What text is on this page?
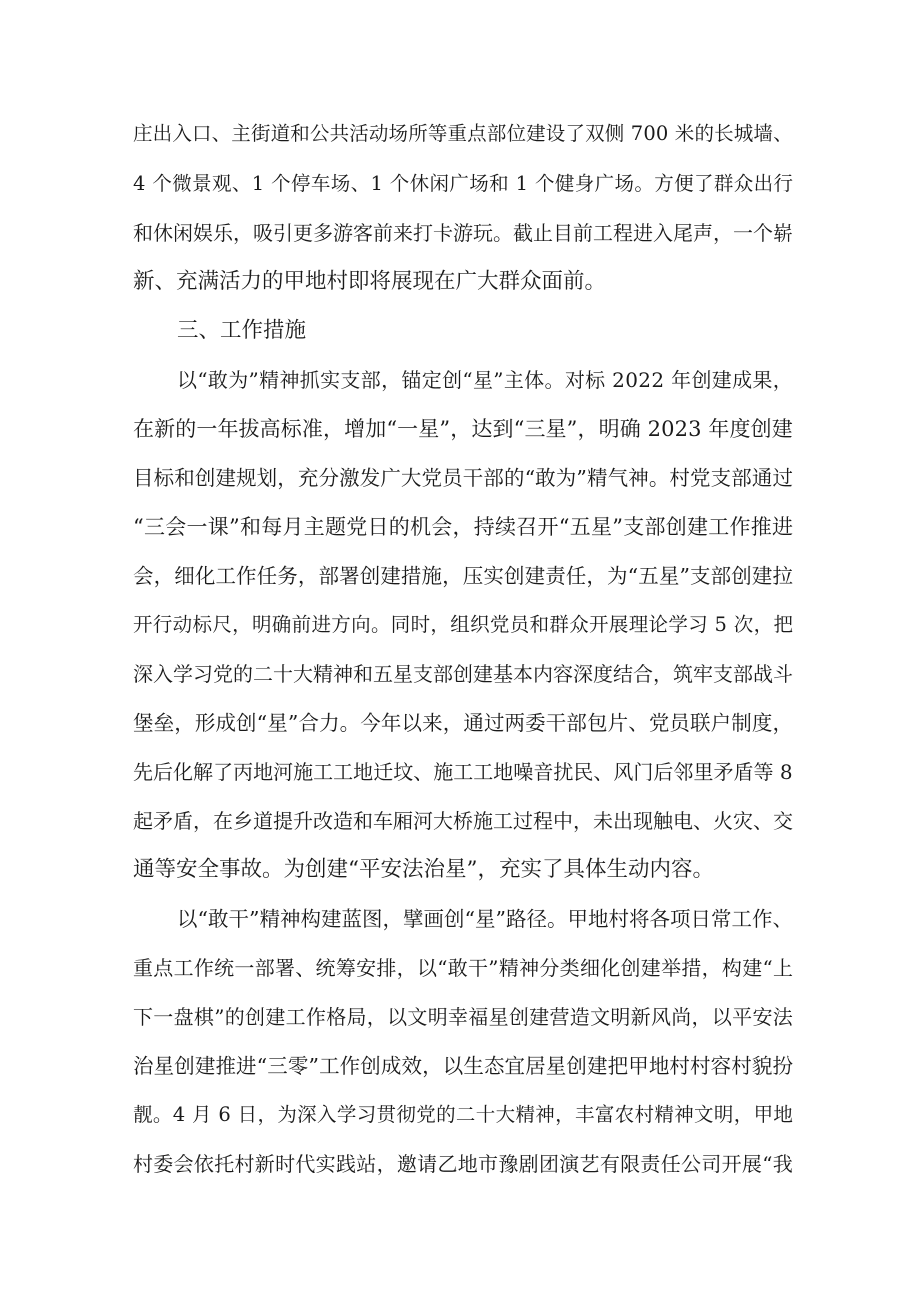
庄 出 入 口 、 主 街 道 和 公 共 活 动 场 所 等 重 点 部 位 建 设 了 双 侧
7 0 0
米 的 长 城 墙 、
4
个 微 景 观 、 1
个 停 车 场 、 1
个 休 闲 广 场 和
1
个 健 身 广 场 。 方 便 了 群 众 出 行
和 休 闲 娱 乐 ， 吸 引 更 多 游 客 前 来 打 卡 游 玩 。 截 止 目 前 工 程 进 入 尾 声 ， 一 个 崭
新、充满活力的甲地村即将展现在广大群众面前。
三、工作措施
以 “ 敢 为 ” 精 神 抓 实 支 部 ， 锚 定 创 “ 星 ” 主 体 。 对 标
2 0 2 2
年 创 建 成 果 ，
在 新 的 一 年 拔 高 标 准 ， 增 加 “ 一 星 ” ， 达 到 “ 三 星 ” ， 明 确
2 0 2 3
年 度 创 建
目 标 和 创 建 规 划 ， 充 分 激 发 广 大 党 员 干 部 的 “ 敢 为 ” 精 气 神 。 村 党 支 部 通 过
“ 三 会 一 课 ” 和 每 月 主 题 党 日 的 机 会 ， 持 续 召 开 “ 五 星 ” 支 部 创 建 工 作 推 进
会 ， 细 化 工 作 任 务 ， 部 署 创 建 措 施 ， 压 实 创 建 责 任 ， 为 “ 五 星 ” 支 部 创 建 拉
开 行 动 标 尺 ， 明 确 前 进 方 向 。 同 时 ， 组 织 党 员 和 群 众 开 展 理 论 学 习
5
次 ， 把
深 入 学 习 党 的 二 十 大 精 神 和 五 星 支 部 创 建 基 本 内 容 深 度 结 合 ， 筑 牢 支 部 战 斗
堡 垒 ， 形 成 创 “ 星 ” 合 力 。 今 年 以 来 ， 通 过 两 委 干 部 包 片 、 党 员 联 户 制 度 ，
先 后 化 解 了 丙 地 河 施 工 工 地 迁 坟 、 施 工 工 地 噪 音 扰 民 、 风 门 后 邻 里 矛 盾 等
8
起 矛 盾 ， 在 乡 道 提 升 改 造 和 车 厢 河 大 桥 施 工 过 程 中 ， 未 出 现 触 电 、 火 灾 、 交
通等安全事故。为创建“平安法治星”，充实了具体生动内容。
以 “ 敢 干 ” 精 神 构 建 蓝 图 ， 擘 画 创 “ 星 ” 路 径 。 甲 地 村 将 各 项 日 常 工 作 、
重 点 工 作 统 一 部 署 、 统 筹 安 排 ， 以 “ 敢 干 ” 精 神 分 类 细 化 创 建 举 措 ， 构 建 “ 上
下 一 盘 棋 ” 的 创 建 工 作 格 局 ， 以 文 明 幸 福 星 创 建 营 造 文 明 新 风 尚 ， 以 平 安 法
治 星 创 建 推 进 “ 三 零 ” 工 作 创 成 效 ， 以 生 态 宜 居 星 创 建 把 甲 地 村 村 容 村 貌 扮
靓 。 4
月
6
日 ， 为 深 入 学 习 贯 彻 党 的 二 十 大 精 神 ， 丰 富 农 村 精 神 文 明 ， 甲 地
村 委 会 依 托 村 新 时 代 实 践 站 ， 邀 请 乙 地 市 豫 剧 团 演 艺 有 限 责 任 公 司 开 展 “ 我
